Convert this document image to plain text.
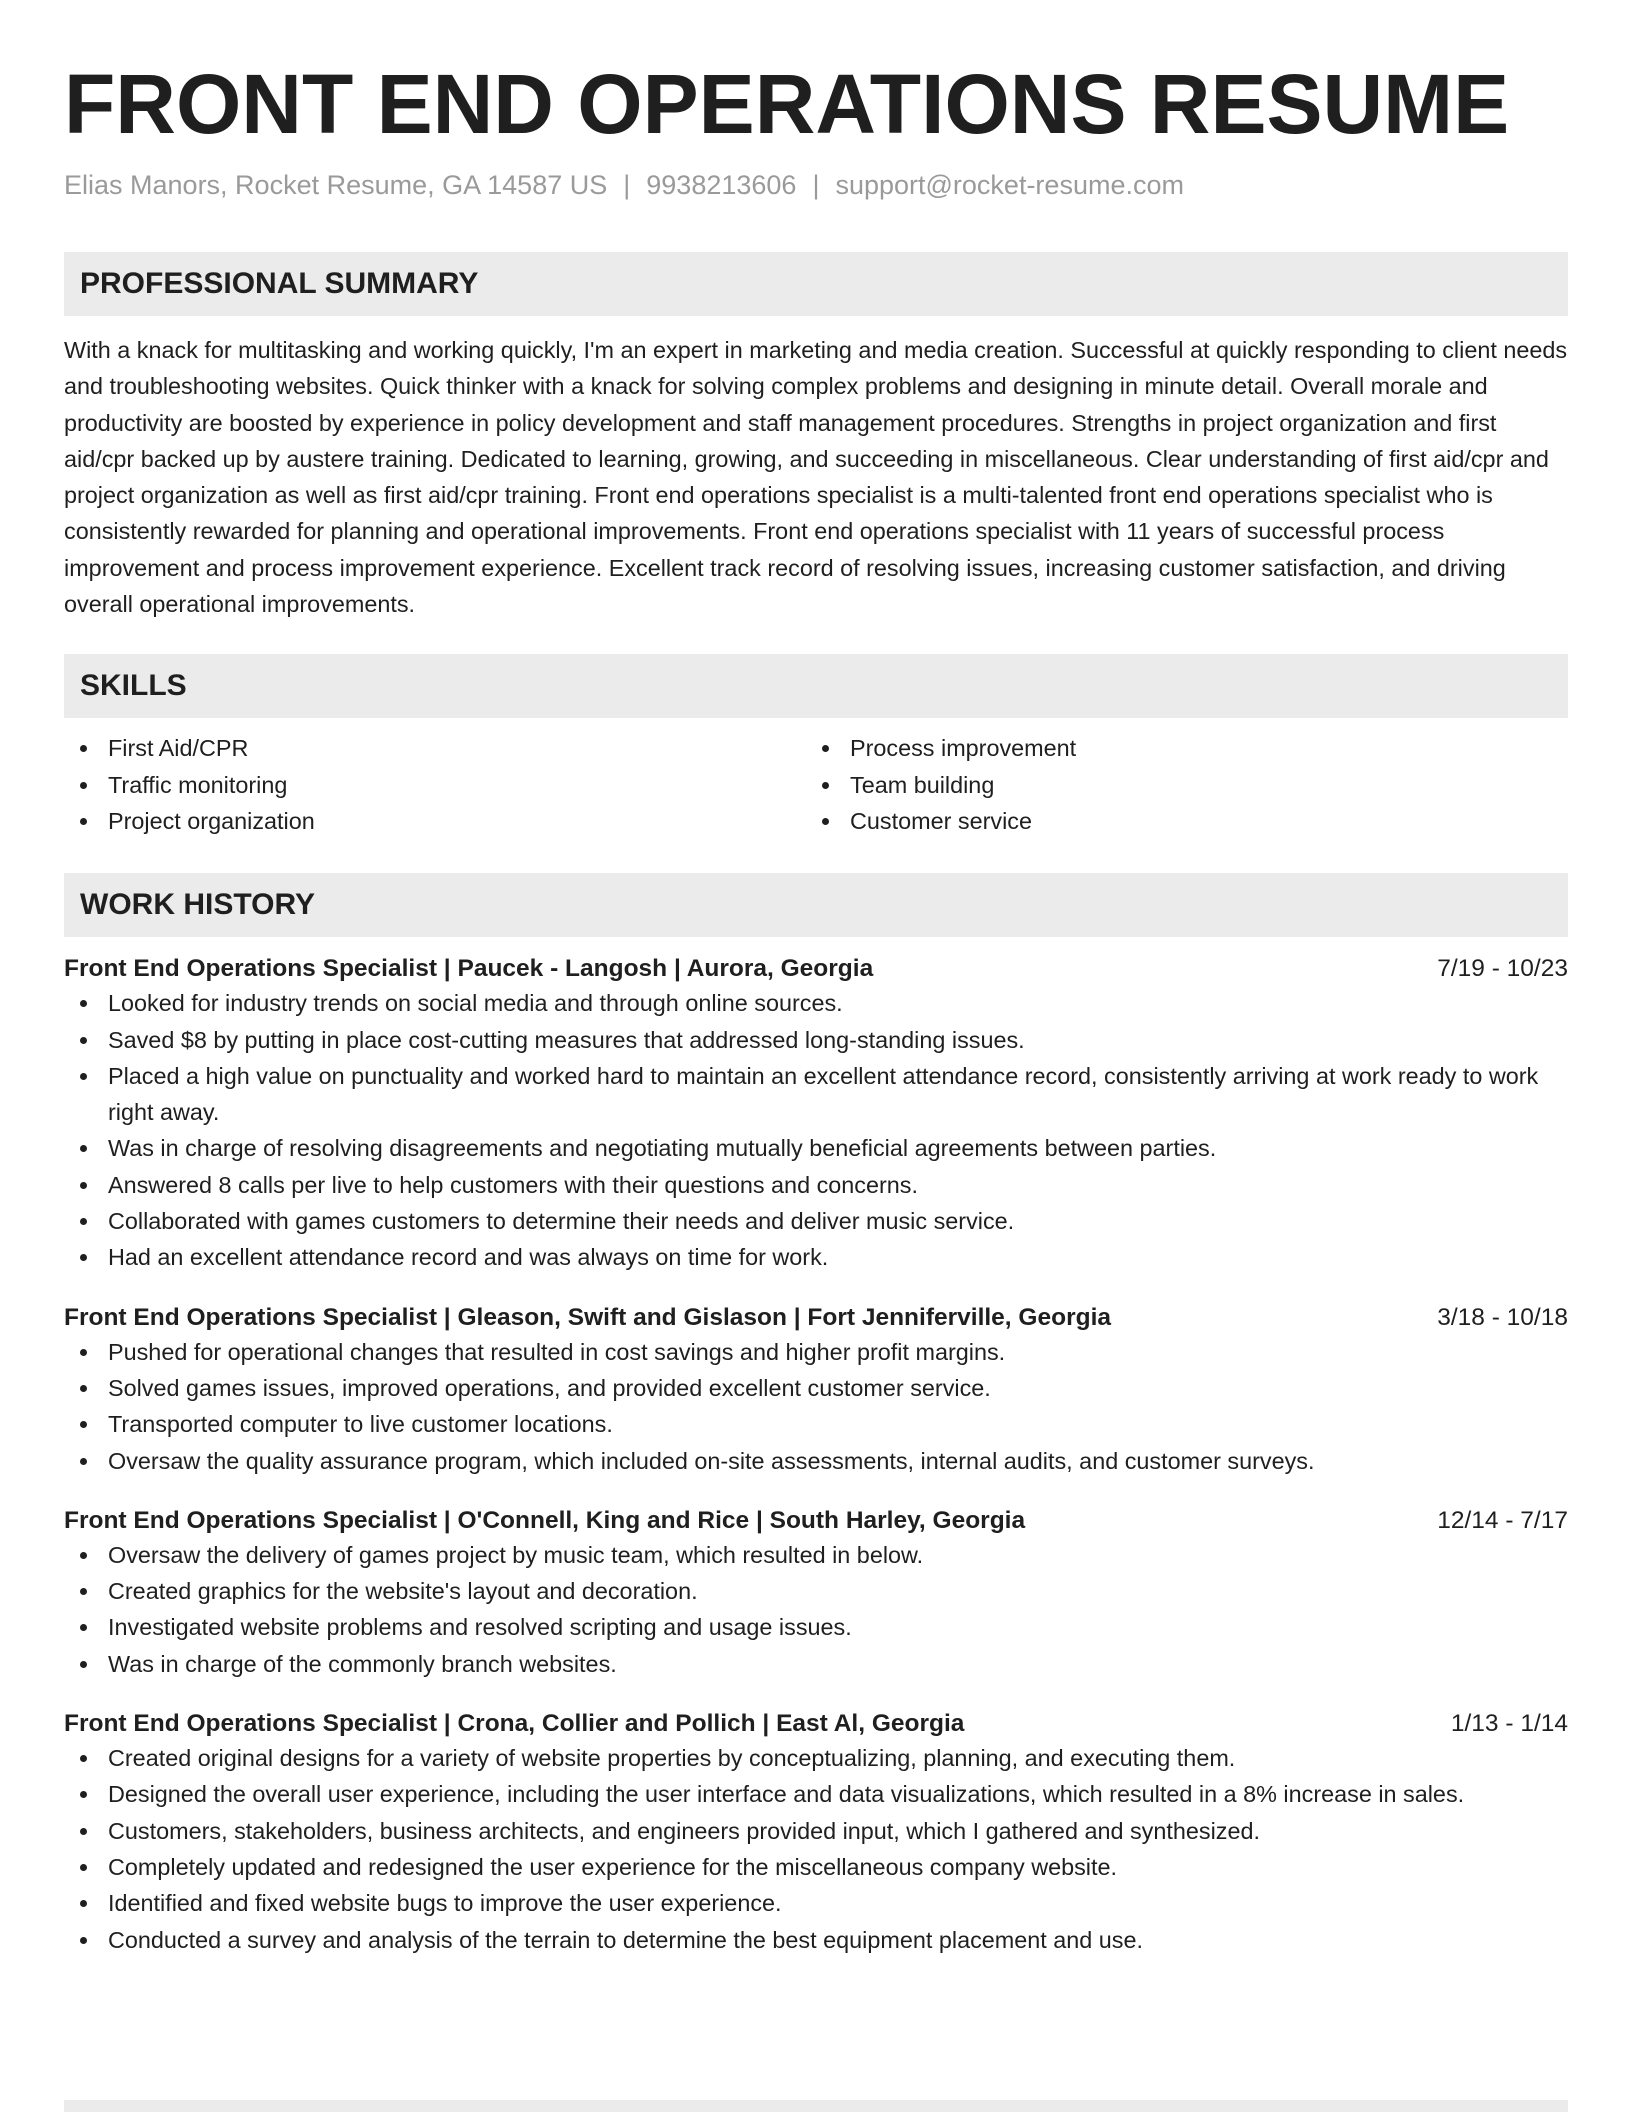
FRONT END OPERATIONS RESUME
Elias Manors, Rocket Resume, GA 14587 US | 9938213606 | support@rocket-resume.com
PROFESSIONAL SUMMARY

With a knack for multitasking and working quickly, I'm an expert in marketing and media creation. Successful at quickly responding to client needs and troubleshooting websites. Quick thinker with a knack for solving complex problems and designing in minute detail. Overall morale and productivity are boosted by experience in policy development and staff management procedures. Strengths in project organization and first aid/cpr backed up by austere training. Dedicated to learning, growing, and succeeding in miscellaneous. Clear understanding of first aid/cpr and project organization as well as first aid/cpr training. Front end operations specialist is a multi-talented front end operations specialist who is consistently rewarded for planning and operational improvements. Front end operations specialist with 11 years of successful process improvement and process improvement experience. Excellent track record of resolving issues, increasing customer satisfaction, and driving overall operational improvements.

SKILLS
First Aid/CPR
Traffic monitoring
Project organization
Process improvement
Team building
Customer service
WORK HISTORY
Front End Operations Specialist | Paucek - Langosh | Aurora, Georgia	7/19 - 10/23
Looked for industry trends on social media and through online sources.
Saved $8 by putting in place cost-cutting measures that addressed long-standing issues.
Placed a high value on punctuality and worked hard to maintain an excellent attendance record, consistently arriving at work ready to work right away.
Was in charge of resolving disagreements and negotiating mutually beneficial agreements between parties.
Answered 8 calls per live to help customers with their questions and concerns.
Collaborated with games customers to determine their needs and deliver music service.
Had an excellent attendance record and was always on time for work.
Front End Operations Specialist | Gleason, Swift and Gislason | Fort Jenniferville, Georgia	3/18 - 10/18
Pushed for operational changes that resulted in cost savings and higher profit margins.
Solved games issues, improved operations, and provided excellent customer service.
Transported computer to live customer locations.
Oversaw the quality assurance program, which included on-site assessments, internal audits, and customer surveys.
Front End Operations Specialist | O'Connell, King and Rice | South Harley, Georgia	12/14 - 7/17
Oversaw the delivery of games project by music team, which resulted in below.
Created graphics for the website's layout and decoration.
Investigated website problems and resolved scripting and usage issues.
Was in charge of the commonly branch websites.
Front End Operations Specialist | Crona, Collier and Pollich | East Al, Georgia	1/13 - 1/14
Created original designs for a variety of website properties by conceptualizing, planning, and executing them.
Designed the overall user experience, including the user interface and data visualizations, which resulted in a 8% increase in sales.
Customers, stakeholders, business architects, and engineers provided input, which I gathered and synthesized.
Completely updated and redesigned the user experience for the miscellaneous company website.
Identified and fixed website bugs to improve the user experience.
Conducted a survey and analysis of the terrain to determine the best equipment placement and use.
